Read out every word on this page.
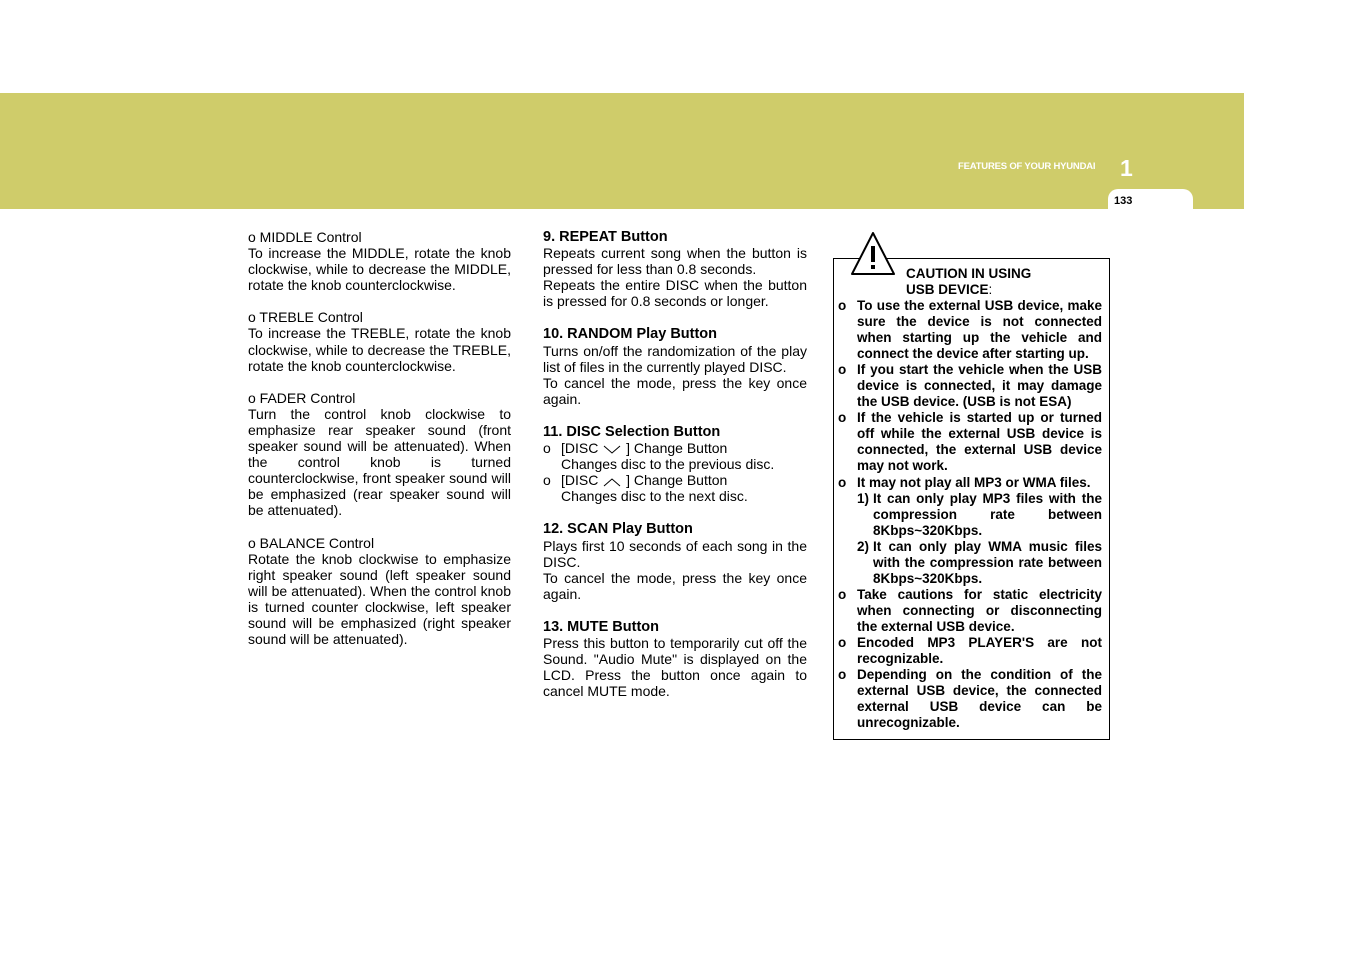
FEATURES OF YOUR HYUNDAI 1
133

o MIDDLE Control

To increase the MIDDLE, rotate the knob clockwise, while to decrease the MIDDLE, rotate the knob counterclockwise.

o TREBLE Control

To increase the TREBLE, rotate the knob clockwise, while to decrease the TREBLE, rotate the knob counterclockwise.

o FADER Control

Turn the control knob clockwise to emphasize rear speaker sound (front speaker sound will be attenuated). When the control knob is turned counterclockwise, front speaker sound will be emphasized (rear speaker sound will be attenuated).

o BALANCE Control

Rotate the knob clockwise to emphasize right speaker sound (left speaker sound will be attenuated). When the control knob is turned counter clockwise, left speaker sound will be emphasized (right speaker sound will be attenuated).

9. REPEAT Button

Repeats current song when the button is pressed for less than 0.8 seconds.

Repeats the entire DISC when the button is pressed for 0.8 seconds or longer.

10. RANDOM Play Button

Turns on/off the randomization of the play list of files in the currently played DISC.

To cancel the mode, press the key once again.

11. DISC Selection Button

o [DISC ] Change Button
Changes disc to the previous disc.
o [DISC ] Change Button
Changes disc to the next disc.

12. SCAN Play Button

Plays first 10 seconds of each song in the DISC.

To cancel the mode, press the key once again.

13. MUTE Button

Press this button to temporarily cut off the Sound. "Audio Mute" is displayed on the LCD. Press the button once again to cancel MUTE mode.

CAUTION IN USING
USB DEVICE:
o To use the external USB device, make sure the device is not connected when starting up the vehicle and connect the device after starting up.
o If you start the vehicle when the USB device is connected, it may damage the USB device. (USB is not ESA)
o If the vehicle is started up or turned off while the external USB device is connected, the external USB device may not work.
o It may not play all MP3 or WMA files.
1) It can only play MP3 files with the compression rate between 8Kbps~320Kbps.
2) It can only play WMA music files with the compression rate between 8Kbps~320Kbps.
o Take cautions for static electricity when connecting or disconnecting the external USB device.
o Encoded MP3 PLAYER'S are not recognizable.
o Depending on the condition of the external USB device, the connected external USB device can be unrecognizable.
